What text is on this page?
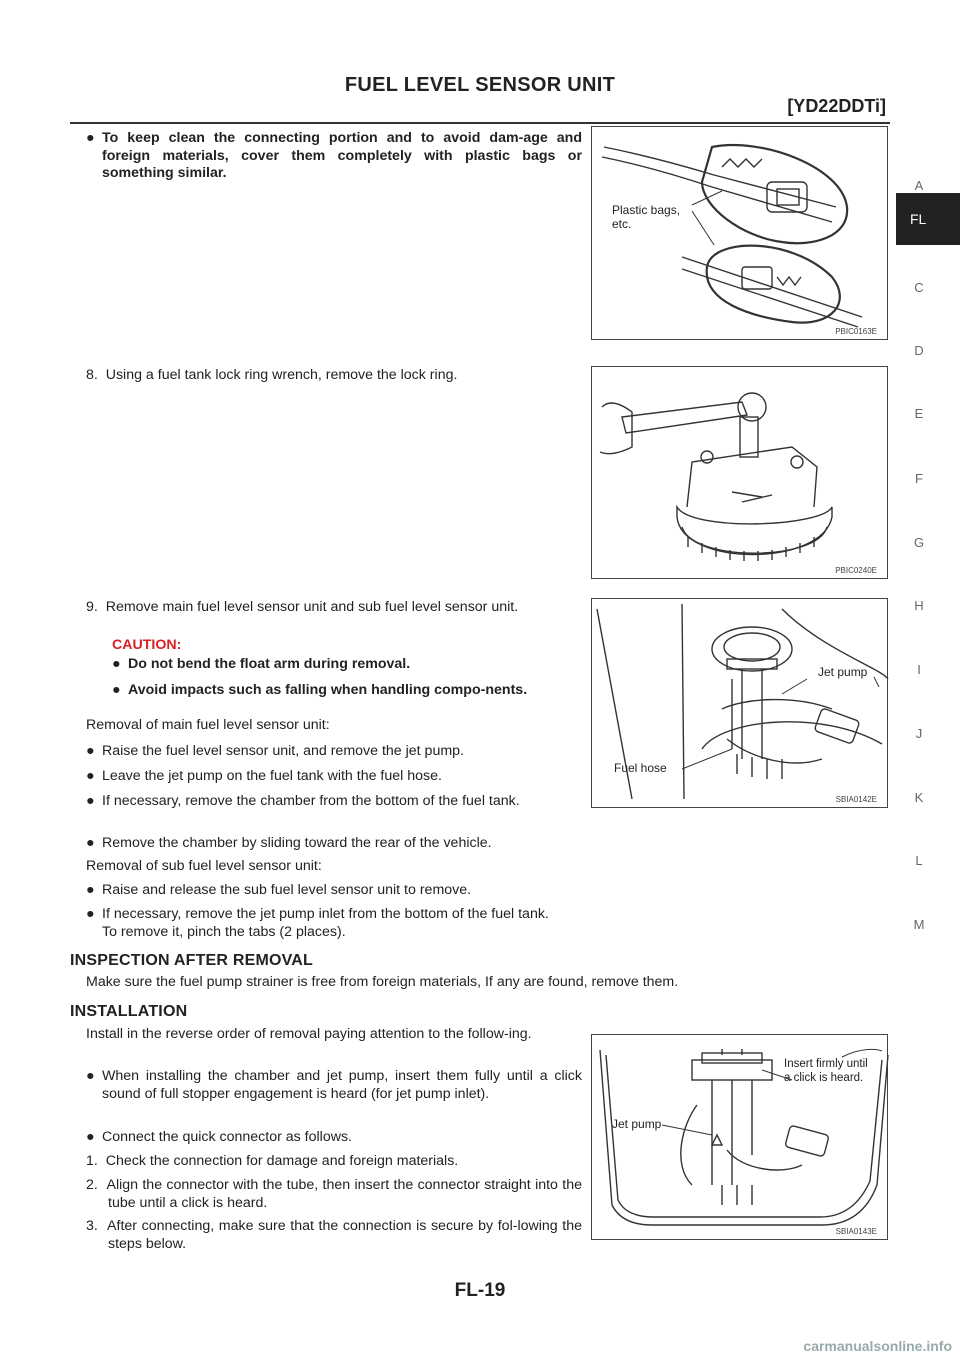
FUEL LEVEL SENSOR UNIT
[YD22DDTi]
A
FL
C
D
E
F
G
H
I
J
K
L
M
● To keep clean the connecting portion and to avoid dam-age and foreign materials, cover them completely with plastic bags or something similar.

Plastic bags,
etc.
PBIC0163E
8.  Using a fuel tank lock ring wrench, remove the lock ring.
PBIC0240E

9.  Remove main fuel level sensor unit and sub fuel level sensor unit.

CAUTION:
● Do not bend the float arm during removal.

● Avoid impacts such as falling when handling compo-nents.

Jet pump
Fuel hose
SBIA0142E
Removal of main fuel level sensor unit:
● Raise the fuel level sensor unit, and remove the jet pump.

● Leave the jet pump on the fuel tank with the fuel hose.

● If necessary, remove the chamber from the bottom of the fuel tank.

● Remove the chamber by sliding toward the rear of the vehicle.

Removal of sub fuel level sensor unit:
● Raise and release the sub fuel level sensor unit to remove.

● If necessary, remove the jet pump inlet from the bottom of the fuel tank.

To remove it, pinch the tabs (2 places).

INSPECTION AFTER REMOVAL
Make sure the fuel pump strainer is free from foreign materials, If any are found, remove them.
INSTALLATION
Install in the reverse order of removal paying attention to the follow-ing.
● When installing the chamber and jet pump, insert them fully until a click sound of full stopper engagement is heard (for jet pump inlet).

● Connect the quick connector as follows.

1.  Check the connection for damage and foreign materials.

2.  Align the connector with the tube, then insert the connector straight into the tube until a click is heard.

3.  After connecting, make sure that the connection is secure by fol-lowing the steps below.

Insert firmly until
a click is heard.
Jet pump
SBIA0143E
FL-19
carmanualsonline.info
